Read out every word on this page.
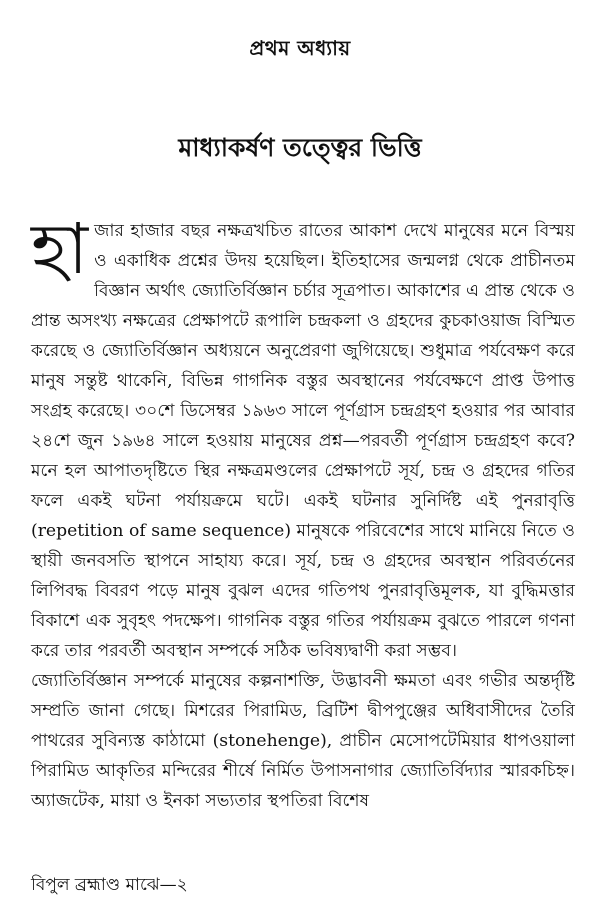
প্রথম অধ্যায়
মাধ্যাকর্ষণ তত্ত্বের ভিত্তি

হাজার হাজার বছর নক্ষত্রখচিত রাতের আকাশ দেখে মানুষের মনে বিস্ময় ও একাধিক প্রশ্নের উদয় হয়েছিল। ইতিহাসের জন্মলগ্ন থেকে প্রাচীনতম বিজ্ঞান অর্থাৎ জ্যোতির্বিজ্ঞান চর্চার সূত্রপাত। আকাশের এ প্রান্ত থেকে ও প্রান্ত অসংখ্য নক্ষত্রের প্রেক্ষাপটে রূপালি চন্দ্রকলা ও গ্রহদের কুচকাওয়াজ বিস্মিত করেছে ও জ্যোতির্বিজ্ঞান অধ্যয়নে অনুপ্রেরণা জুগিয়েছে। শুধুমাত্র পর্যবেক্ষণ করে মানুষ সন্তুষ্ট থাকেনি, বিভিন্ন গাগনিক বস্তুর অবস্থানের পর্যবেক্ষণে প্রাপ্ত উপাত্ত সংগ্রহ করেছে। ৩০শে ডিসেম্বর ১৯৬৩ সালে পূর্ণগ্রাস চন্দ্রগ্রহণ হওয়ার পর আবার ২৪শে জুন ১৯৬৪ সালে হওয়ায় মানুষের প্রশ্ন—পরবর্তী পূর্ণগ্রাস চন্দ্রগ্রহণ কবে? মনে হল আপাতদৃষ্টিতে স্থির নক্ষত্রমণ্ডলের প্রেক্ষাপটে সূর্য, চন্দ্র ও গ্রহদের গতির ফলে একই ঘটনা পর্যায়ক্রমে ঘটে। একই ঘটনার সুনির্দিষ্ট এই পুনরাবৃত্তি (repetition of same sequence) মানুষকে পরিবেশের সাথে মানিয়ে নিতে ও স্থায়ী জনবসতি স্থাপনে সাহায্য করে। সূর্য, চন্দ্র ও গ্রহদের অবস্থান পরিবর্তনের লিপিবদ্ধ বিবরণ পড়ে মানুষ বুঝল এদের গতিপথ পুনরাবৃত্তিমূলক, যা বুদ্ধিমত্তার বিকাশে এক সুবৃহৎ পদক্ষেপ। গাগনিক বস্তুর গতির পর্যায়ক্রম বুঝতে পারলে গণনা করে তার পরবর্তী অবস্থান সম্পর্কে সঠিক ভবিষ্যদ্বাণী করা সম্ভব।

জ্যোতির্বিজ্ঞান সম্পর্কে মানুষের কল্পনাশক্তি, উদ্ভাবনী ক্ষমতা এবং গভীর অন্তর্দৃষ্টি সম্প্রতি জানা গেছে। মিশরের পিরামিড, ব্রিটিশ দ্বীপপুঞ্জের অধিবাসীদের তৈরি পাথরের সুবিন্যস্ত কাঠামো (stonehenge), প্রাচীন মেসোপটেমিয়ার ধাপওয়ালা পিরামিড আকৃতির মন্দিরের শীর্ষে নির্মিত উপাসনাগার জ্যোতির্বিদ্যার স্মারকচিহ্ন। অ্যাজটেক, মায়া ও ইনকা সভ্যতার স্থপতিরা বিশেষ

বিপুল ব্রহ্মাণ্ড মাঝে—২
